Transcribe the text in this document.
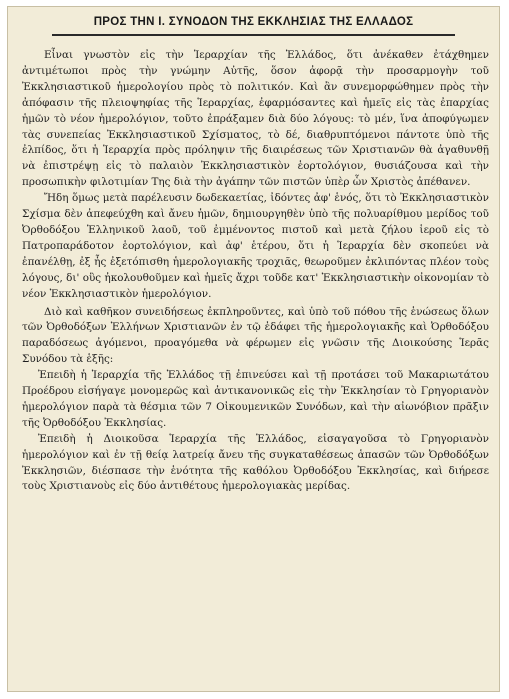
ΠΡΟΣ ΤΗΝ Ι. ΣΥΝΟΔΟΝ ΤΗΣ ΕΚΚΛΗΣΙΑΣ ΤΗΣ ΕΛΛΑΔΟΣ

Εἶναι γνωστὸν εἰς τὴν Ἱεραρχίαν τῆς Ἑλλάδος, ὅτι ἀνέκαθεν ἐτάχθημεν ἀντιμέτωποι πρὸς τὴν γνώμην Αὐτῆς, ὅσον ἀφορᾷ τὴν προσαρμογὴν τοῦ Ἐκκλησιαστικοῦ ἡμερολογίου πρὸς τὸ πολιτικόν. Καὶ ἂν συνεμορφώθημεν πρὸς τὴν ἀπόφασιν τῆς πλειοψηφίας τῆς Ἱεραρχίας, ἐφαρμόσαντες καὶ ἡμεῖς εἰς τὰς ἐπαρχίας ἡμῶν τὸ νέον ἡμερολόγιον, τοῦτο ἐπράξαμεν διὰ δύο λόγους: τὸ μέν, ἵνα ἀποφύγωμεν τὰς συνεπείας Ἐκκλησιαστικοῦ Σχίσματος, τὸ δέ, διαθρυπτόμενοι πάντοτε ὑπὸ τῆς ἐλπίδος, ὅτι ἡ Ἱεραρχία πρὸς πρόληψιν τῆς διαιρέσεως τῶν Χριστιανῶν θὰ ἀγαθυνθῇ νὰ ἐπιστρέψῃ εἰς τὸ παλαιὸν Ἐκκλησιαστικὸν ἑορτολόγιον, θυσιάζουσα καὶ τὴν προσωπικὴν φιλοτιμίαν Της διὰ τὴν ἀγάπην τῶν πιστῶν ὑπὲρ ὧν Χριστὸς ἀπέθανεν.

Ἤδη ὅμως μετὰ παρέλευσιν δωδεκαετίας, ἰδόντες ἀφ' ἑνός, ὅτι τὸ Ἐκκλησιαστικὸν Σχίσμα δὲν ἀπεφεύχθη καὶ ἄνευ ἡμῶν, δημιουργηθὲν ὑπὸ τῆς πολυαρίθμου μερίδος τοῦ Ὀρθοδόξου Ἑλληνικοῦ λαοῦ, τοῦ ἐμμένοντος πιστοῦ καὶ μετὰ ζήλου ἱεροῦ εἰς τὸ Πατροπαράδοτον ἑορτολόγιον, καὶ ἀφ' ἑτέρου, ὅτι ἡ Ἱεραρχία δὲν σκοπεύει νὰ ἐπανέλθῃ, ἐξ ἧς ἐξετόπισθη ἡμερολογιακῆς τροχιᾶς, θεωροῦμεν ἐκλιπόντας πλέον τοὺς λόγους, δι' οὓς ἠκολουθοῦμεν καὶ ἡμεῖς ἄχρι τοῦδε κατ' Ἐκκλησιαστικὴν οἰκονομίαν τὸ νέον Ἐκκλησιαστικὸν ἡμερολόγιον.

Διὸ καὶ καθῆκον συνειδήσεως ἐκπληροῦντες, καὶ ὑπὸ τοῦ πόθου τῆς ἑνώσεως ὅλων τῶν Ὀρθοδόξων Ἑλλήνων Χριστιανῶν ἐν τῷ ἐδάφει τῆς ἡμερολογιακῆς καὶ Ὀρθοδόξου παραδόσεως ἀγόμενοι, προαγόμεθα νὰ φέρωμεν εἰς γνῶσιν τῆς Διοικούσης Ἱερᾶς Συνόδου τὰ ἑξῆς:

Ἐπειδὴ ἡ Ἱεραρχία τῆς Ἑλλάδος τῇ ἐπινεύσει καὶ τῇ προτάσει τοῦ Μακαριωτάτου Προέδρου εἰσήγαγε μονομερῶς καὶ ἀντικανονικῶς εἰς τὴν Ἐκκλησίαν τὸ Γρηγοριανὸν ἡμερολόγιον παρὰ τὰ θέσμια τῶν 7 Οἰκουμενικῶν Συνόδων, καὶ τὴν αἰωνόβιον πρᾶξιν τῆς Ὀρθοδόξου Ἐκκλησίας.

Ἐπειδὴ ἡ Διοικοῦσα Ἱεραρχία τῆς Ἑλλάδος, εἰσαγαγοῦσα τὸ Γρηγοριανὸν ἡμερολόγιον καὶ ἐν τῇ θείᾳ λατρείᾳ ἄνευ τῆς συγκαταθέσεως ἁπασῶν τῶν Ὀρθοδόξων Ἐκκλησιῶν, διέσπασε τὴν ἑνότητα τῆς καθόλου Ὀρθοδόξου Ἐκκλησίας, καὶ διήρεσε τοὺς Χριστιανοὺς εἰς δύο ἀντιθέτους ἡμερολογιακὰς μερίδας.
